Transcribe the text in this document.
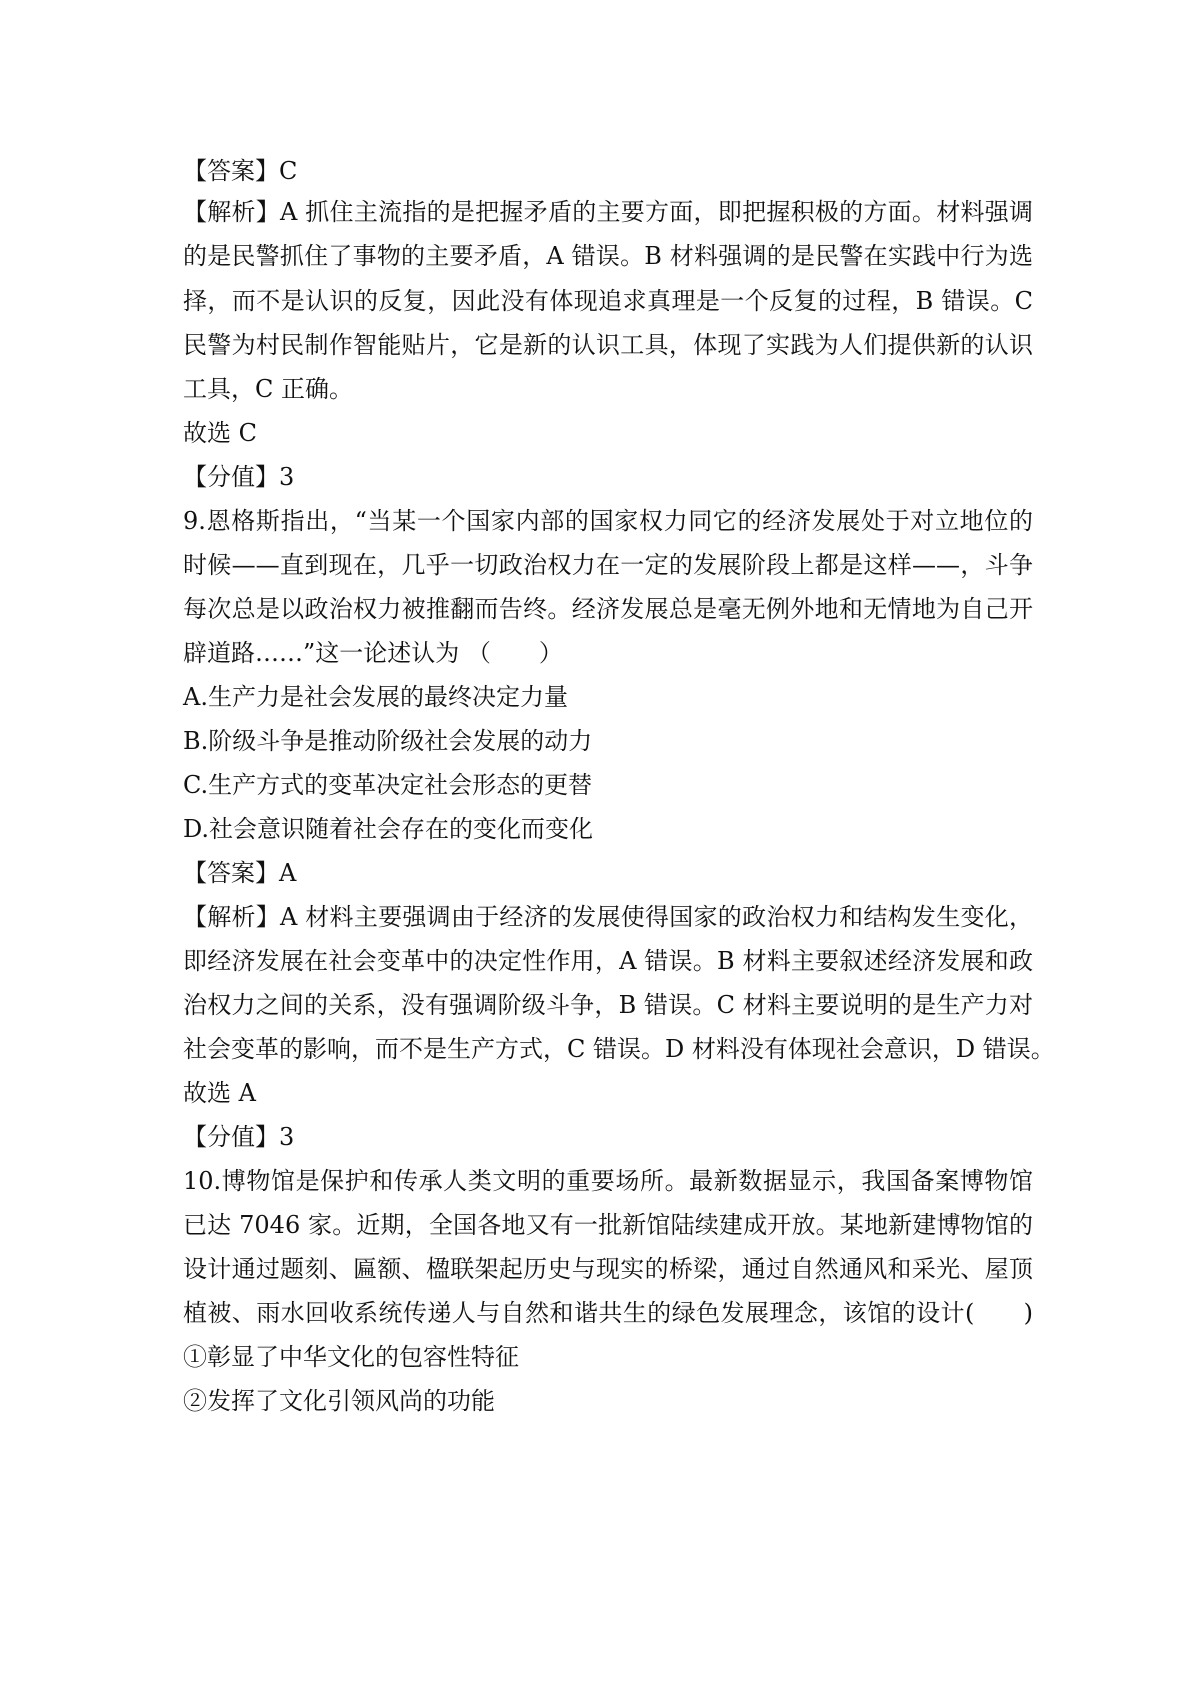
【答案】C
【解析】A 抓住主流指的是把握矛盾的主要方面，即把握积极的方面。材料强调
的是民警抓住了事物的主要矛盾，A 错误。B 材料强调的是民警在实践中行为选
择，而不是认识的反复，因此没有体现追求真理是一个反复的过程，B 错误。C
民警为村民制作智能贴片，它是新的认识工具，体现了实践为人们提供新的认识
工具，C 正确。
故选 C
【分值】3
9.恩格斯指出，“当某一个国家内部的国家权力同它的经济发展处于对立地位的
时候——直到现在，几乎一切政治权力在一定的发展阶段上都是这样——，斗争
每次总是以政治权力被推翻而告终。经济发展总是毫无例外地和无情地为自己开
辟道路……”这一论述认为 （　　）
A.生产力是社会发展的最终决定力量
B.阶级斗争是推动阶级社会发展的动力
C.生产方式的变革决定社会形态的更替
D.社会意识随着社会存在的变化而变化
【答案】A
【解析】A 材料主要强调由于经济的发展使得国家的政治权力和结构发生变化，
即经济发展在社会变革中的决定性作用，A 错误。B 材料主要叙述经济发展和政
治权力之间的关系，没有强调阶级斗争，B 错误。C 材料主要说明的是生产力对
社会变革的影响，而不是生产方式，C 错误。D 材料没有体现社会意识，D 错误。
故选 A
【分值】3
10.博物馆是保护和传承人类文明的重要场所。最新数据显示，我国备案博物馆
已达 7046 家。近期，全国各地又有一批新馆陆续建成开放。某地新建博物馆的
设计通过题刻、匾额、楹联架起历史与现实的桥梁，通过自然通风和采光、屋顶
植被、雨水回收系统传递人与自然和谐共生的绿色发展理念，该馆的设计(　　)
①彰显了中华文化的包容性特征
②发挥了文化引领风尚的功能
